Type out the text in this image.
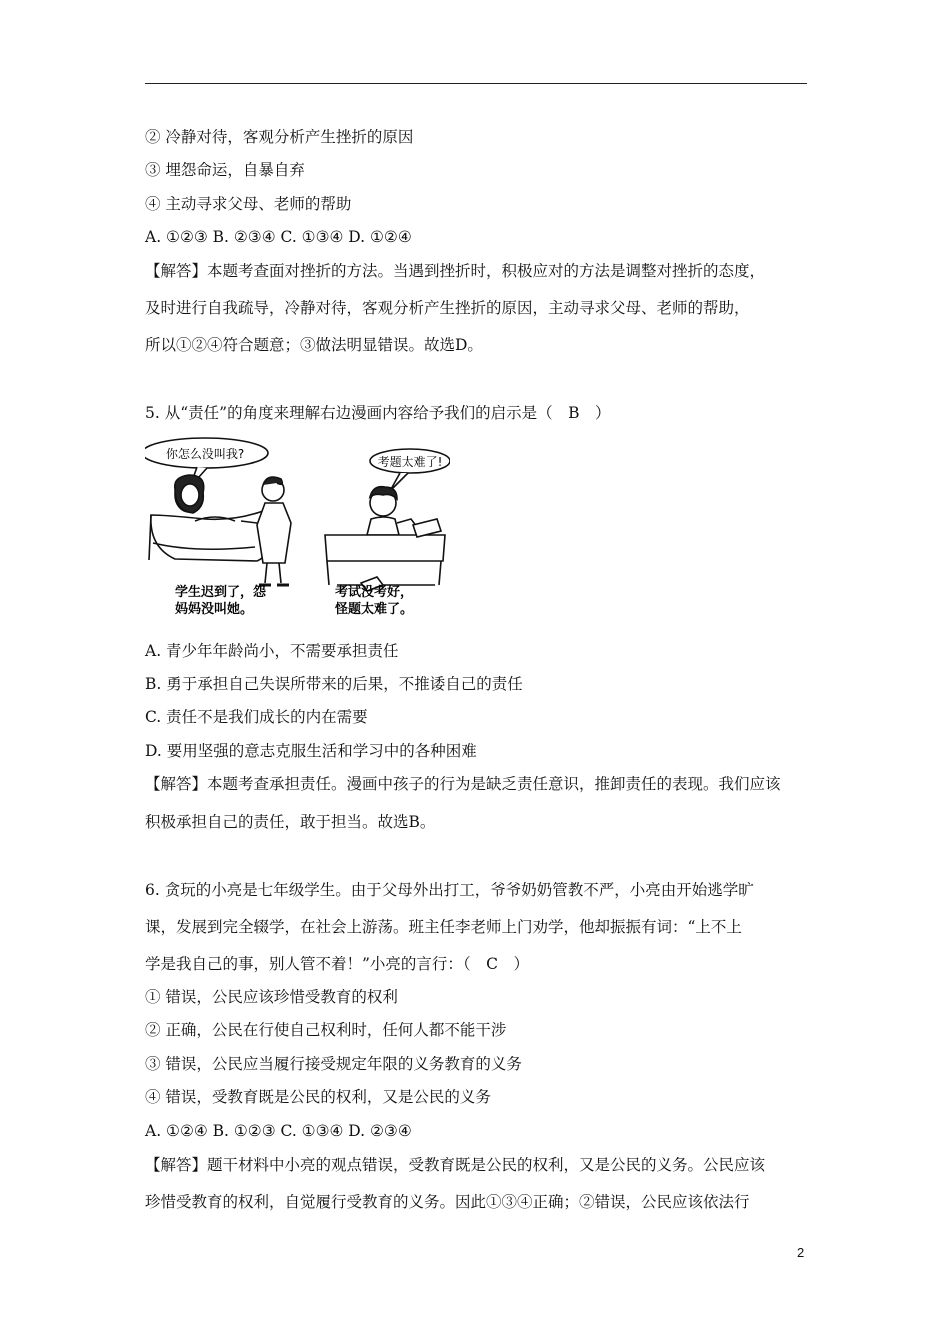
② 冷静对待，客观分析产生挫折的原因
③ 埋怨命运，自暴自弃
④ 主动寻求父母、老师的帮助
A. ①②③ B. ②③④ C. ①③④ D. ①②④
【解答】本题考查面对挫折的方法。当遇到挫折时，积极应对的方法是调整对挫折的态度，
及时进行自我疏导，冷静对待，客观分析产生挫折的原因，主动寻求父母、老师的帮助，
所以①②④符合题意；③做法明显错误。故选D。
5. 从“责任”的角度来理解右边漫画内容给予我们的启示是（　B　）
你怎么没叫我?
考题太难了!
学生迟到了，怨
妈妈没叫她。
考试没考好，
怪题太难了。
A. 青少年年龄尚小，不需要承担责任
B. 勇于承担自己失误所带来的后果，不推诿自己的责任
C. 责任不是我们成长的内在需要
D. 要用坚强的意志克服生活和学习中的各种困难
【解答】本题考查承担责任。漫画中孩子的行为是缺乏责任意识，推卸责任的表现。我们应该
积极承担自己的责任，敢于担当。故选B。
6. 贪玩的小亮是七年级学生。由于父母外出打工，爷爷奶奶管教不严，小亮由开始逃学旷
课，发展到完全辍学，在社会上游荡。班主任李老师上门劝学，他却振振有词：“上不上
学是我自己的事，别人管不着！”小亮的言行：（　C　）
① 错误，公民应该珍惜受教育的权利
② 正确，公民在行使自己权利时，任何人都不能干涉
③ 错误，公民应当履行接受规定年限的义务教育的义务
④ 错误，受教育既是公民的权利，又是公民的义务
A. ①②④ B. ①②③ C. ①③④ D. ②③④
【解答】题干材料中小亮的观点错误，受教育既是公民的权利，又是公民的义务。公民应该
珍惜受教育的权利，自觉履行受教育的义务。因此①③④正确；②错误，公民应该依法行
2
